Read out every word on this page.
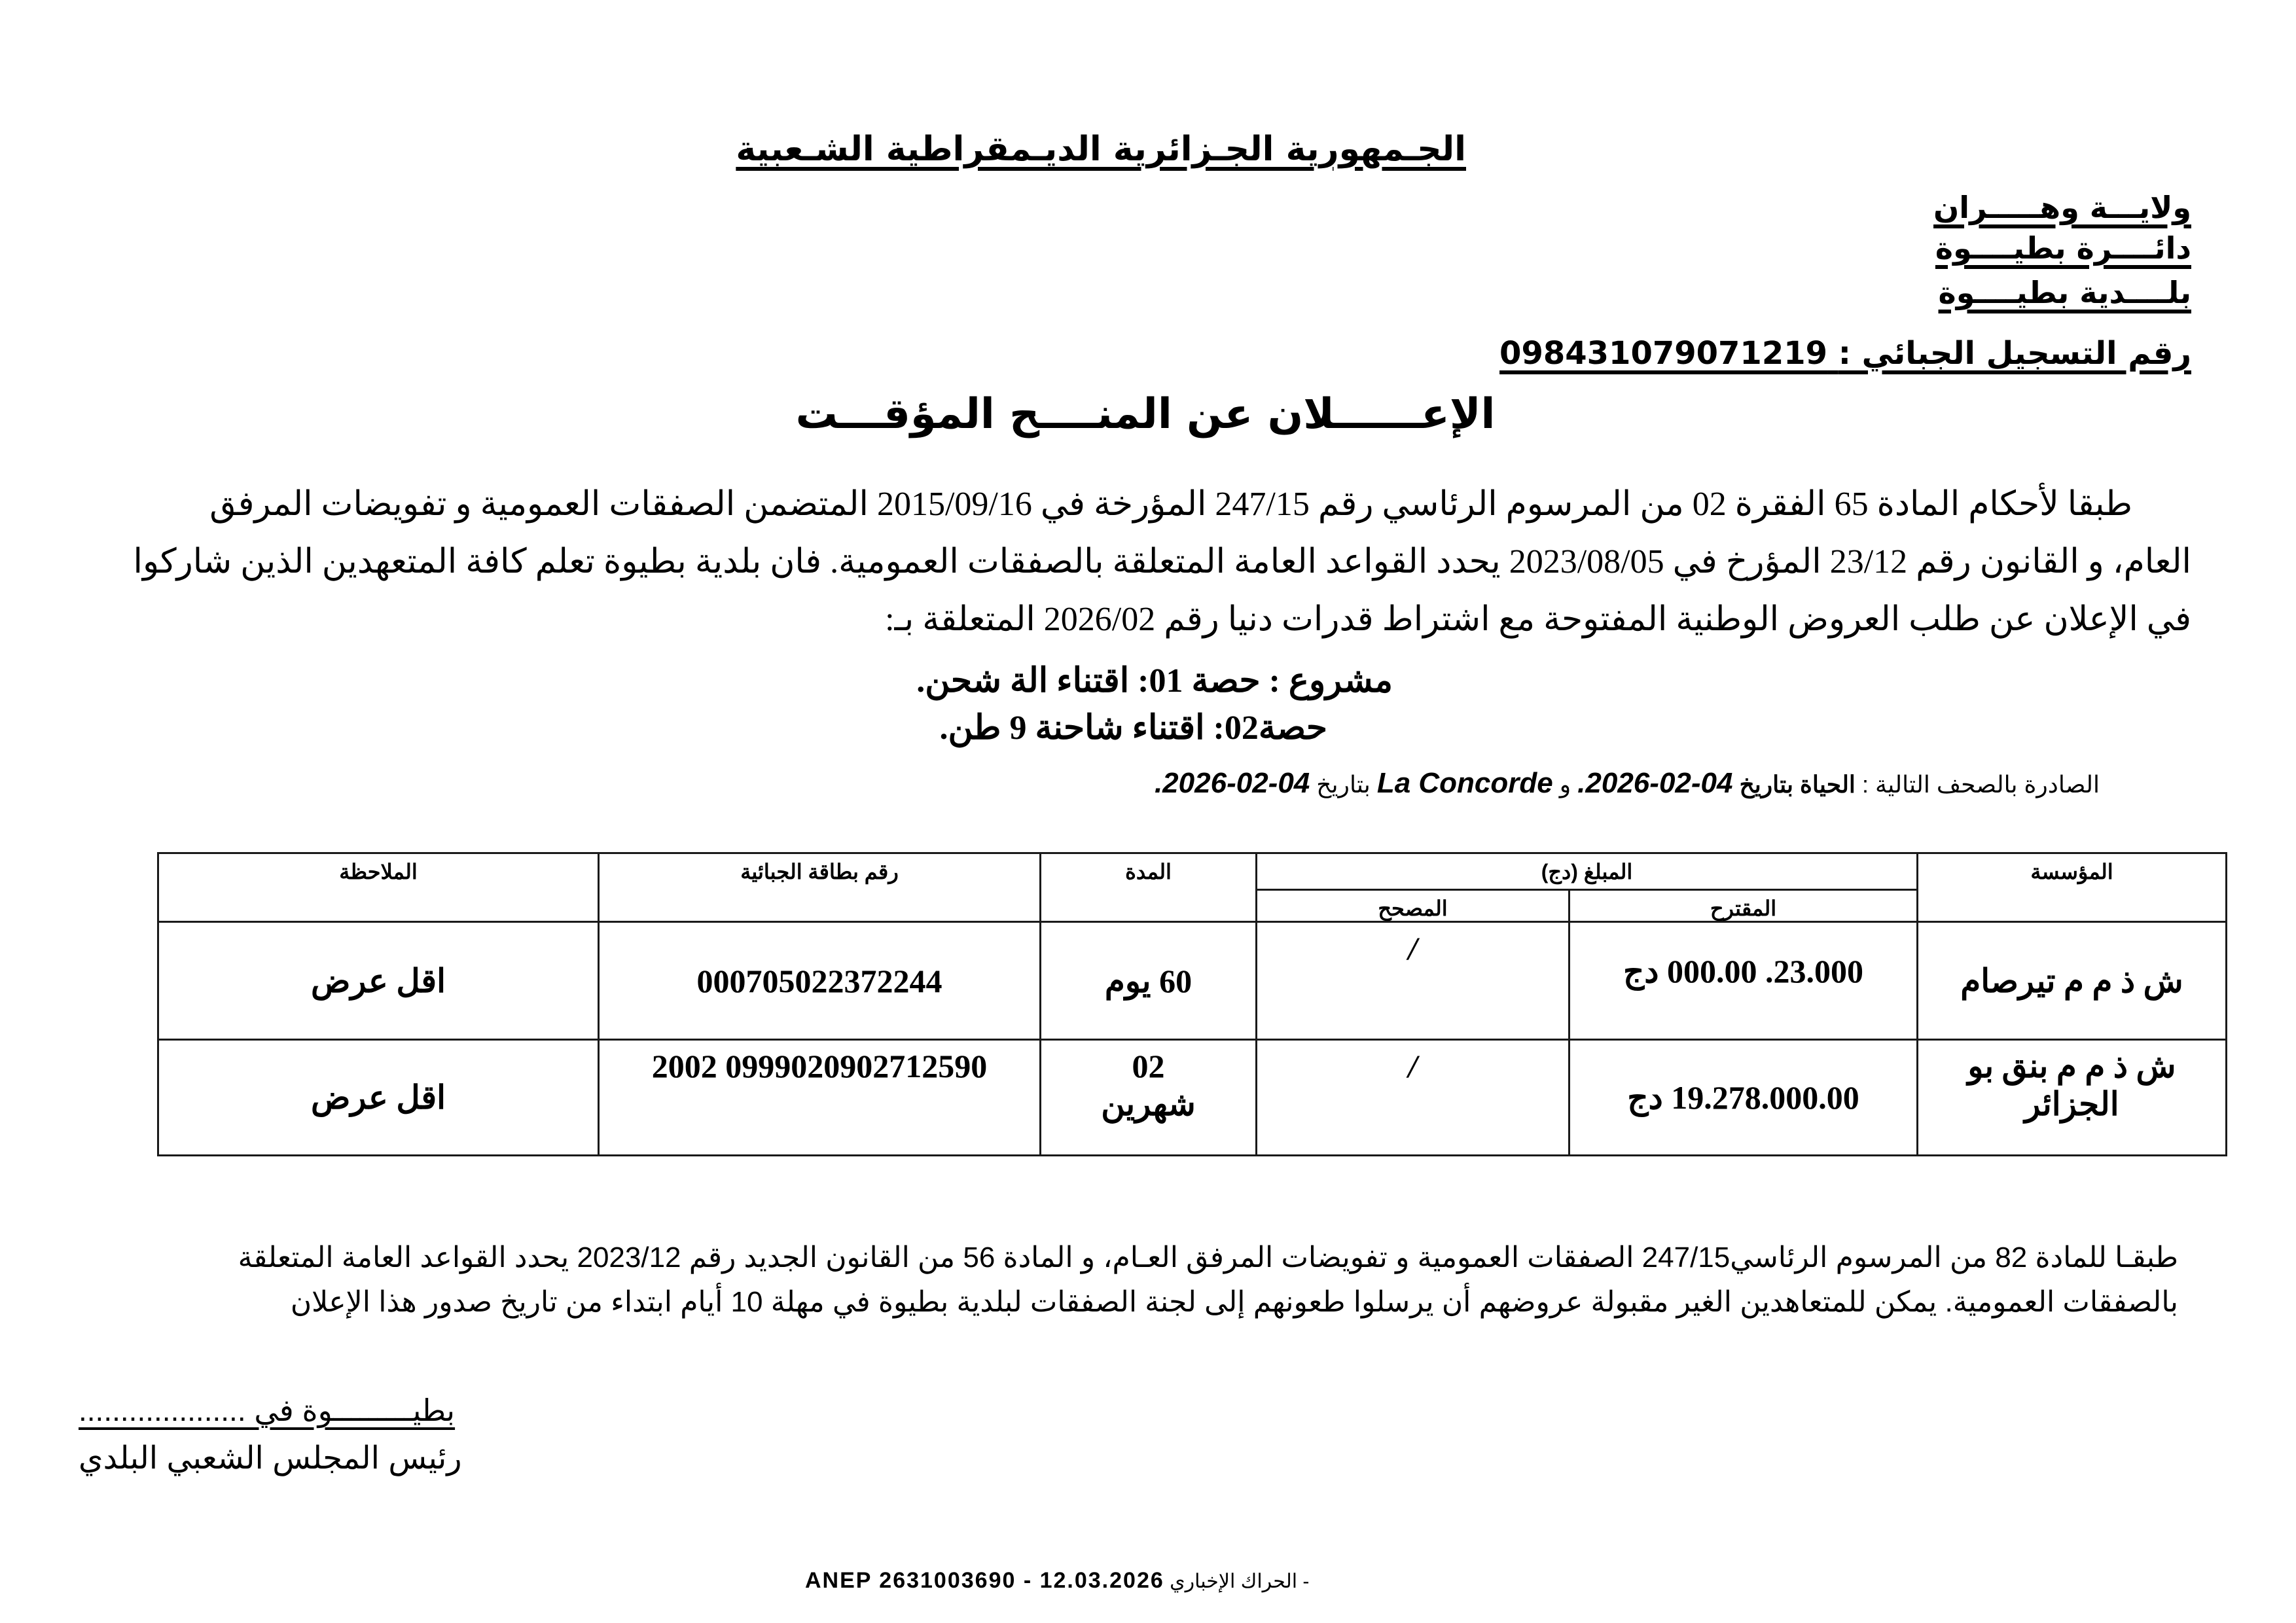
الجـمهورية الجـزائرية الديـمقراطية الشـعبية
ولايـــة وهـــــران
دائــــرة بطيــــوة
بلــــدية بطيــــوة
رقم التسجيل الجبائي : 098431079071219
الإعــــــلان عن المنــــح المؤقـــت
طبقا لأحكام المادة 65 الفقرة 02 من المرسوم الرئاسي رقم 247/15 المؤرخة في 2015/09/16 المتضمن الصفقات العمومية و تفويضات المرفق
العام، و القانون رقم 23/12 المؤرخ في 2023/08/05 يحدد القواعد العامة المتعلقة بالصفقات العمومية. فان بلدية بطيوة تعلم كافة المتعهدين الذين شاركوا
في الإعلان عن طلب العروض الوطنية المفتوحة مع اشتراط قدرات دنيا رقم 2026/02 المتعلقة بـ:
مشروع : حصة 01: اقتناء الة شحن.
حصة02: اقتناء شاحنة 9 طن.
الصادرة بالصحف التالية : الحياة بتاريخ 04-02-2026. و La Concorde بتاريخ 04-02-2026.
المؤسسة	المبلغ (دج)		المدة	رقم بطاقة الجبائية	الملاحظة
	المقترح	المصحح			
ش ذ م م تيرصام	23.000. 000.00 دج	/	60 يوم	000705022372244	اقل عرض
ش ذ م م بنق بو الجزائر	19.278.000.00 دج	/	02 شهرين	0999020902712590 2002	اقل عرض
طبقـا للمادة 82 من المرسوم الرئاسي247/15 الصفقات العمومية و تفويضات المرفق العـام، و المادة 56 من القانون الجديد رقم 2023/12 يحدد القواعد العامة المتعلقة
بالصفقات العمومية. يمكن للمتعاهدين الغير مقبولة عروضهم أن يرسلوا طعونهم إلى لجنة الصفقات لبلدية بطيوة في مهلة 10 أيام ابتداء من تاريخ صدور هذا الإعلان
بطيـــــــــوة في ....................
رئيس المجلس الشعبي البلدي
ANEP 2631003690 - 12.03.2026 - الحراك الإخباري
